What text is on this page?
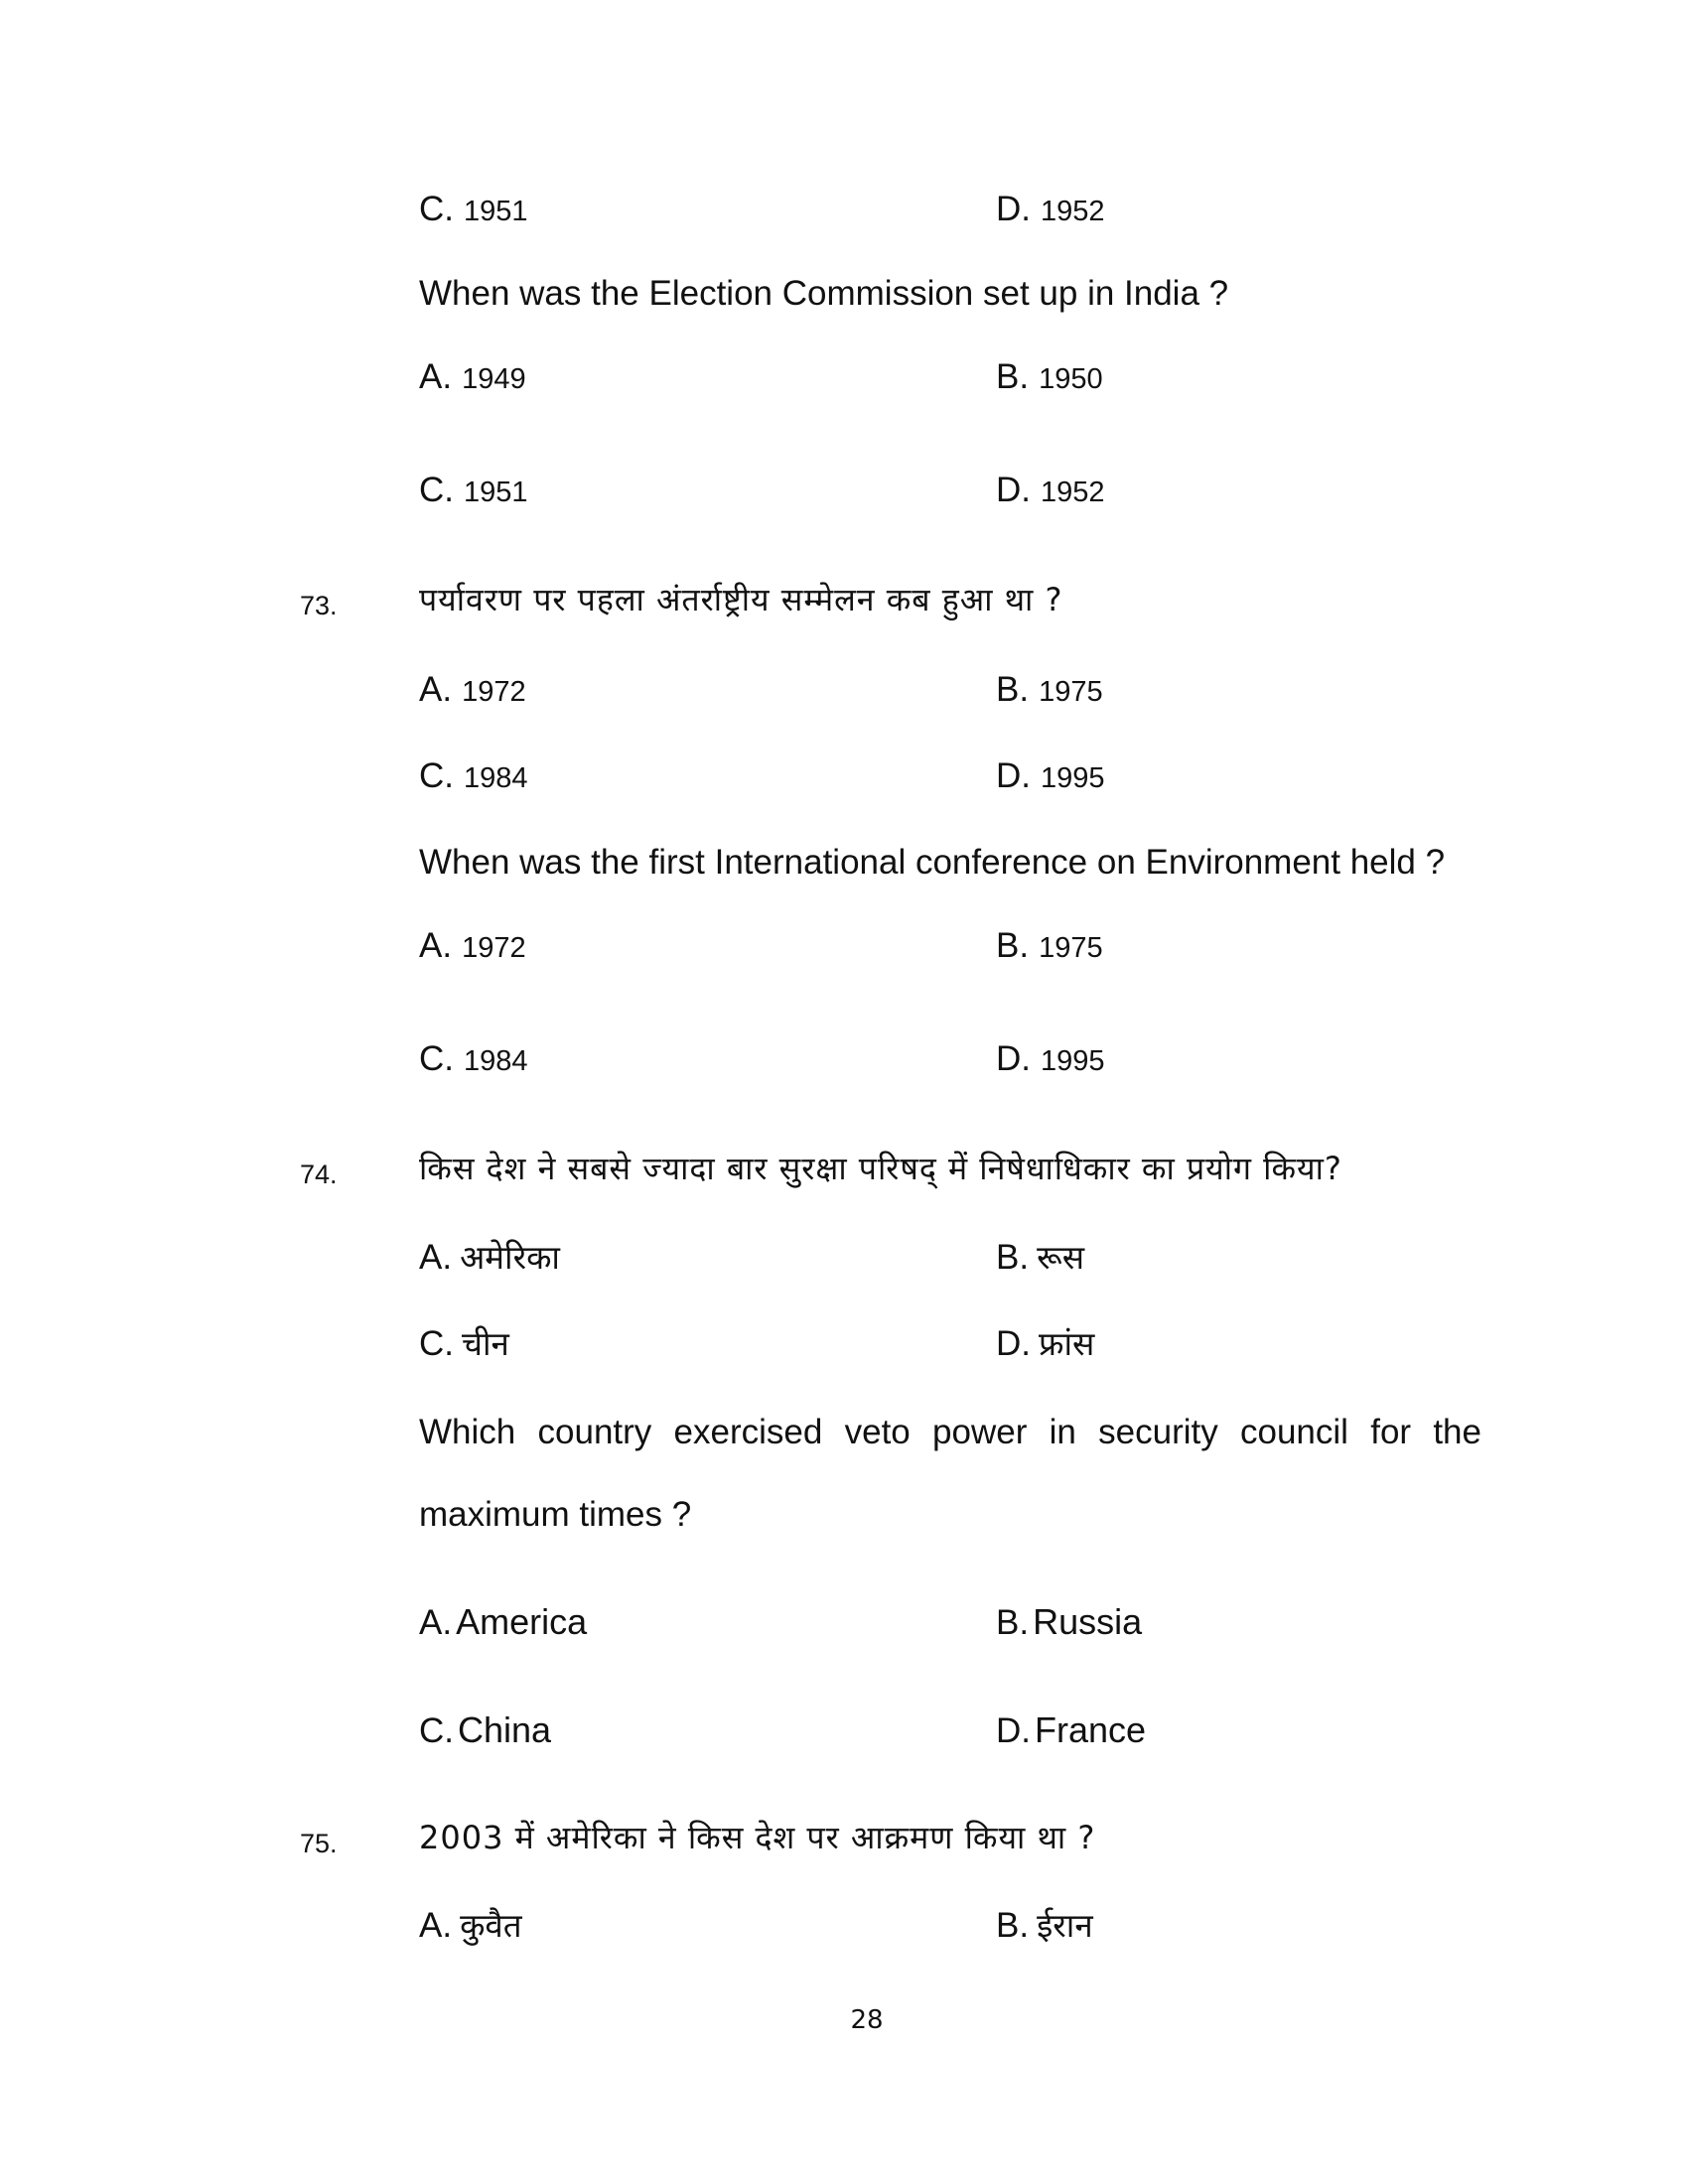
C. 1951	D. 1952
When was the Election Commission set up in India ?
A. 1949	B. 1950
C. 1951	D. 1952
73.	पर्यावरण पर पहला अंतर्राष्ट्रीय सम्मेलन कब हुआ था ?
A. 1972	B. 1975
C. 1984	D. 1995
When was the first International conference on Environment held ?
A. 1972	B. 1975
C. 1984	D. 1995
74.	किस देश ने सबसे ज्यादा बार सुरक्षा परिषद् में निषेधाधिकार का प्रयोग किया?
A. अमेरिका	B. रूस
C. चीन	D. फ्रांस
Which country exercised veto power in security council for the
maximum times ?
A. America	B. Russia
C. China	D. France
75.	2003 में अमेरिका ने किस देश पर आक्रमण किया था ?
A. कुवैत	B. ईरान
28
